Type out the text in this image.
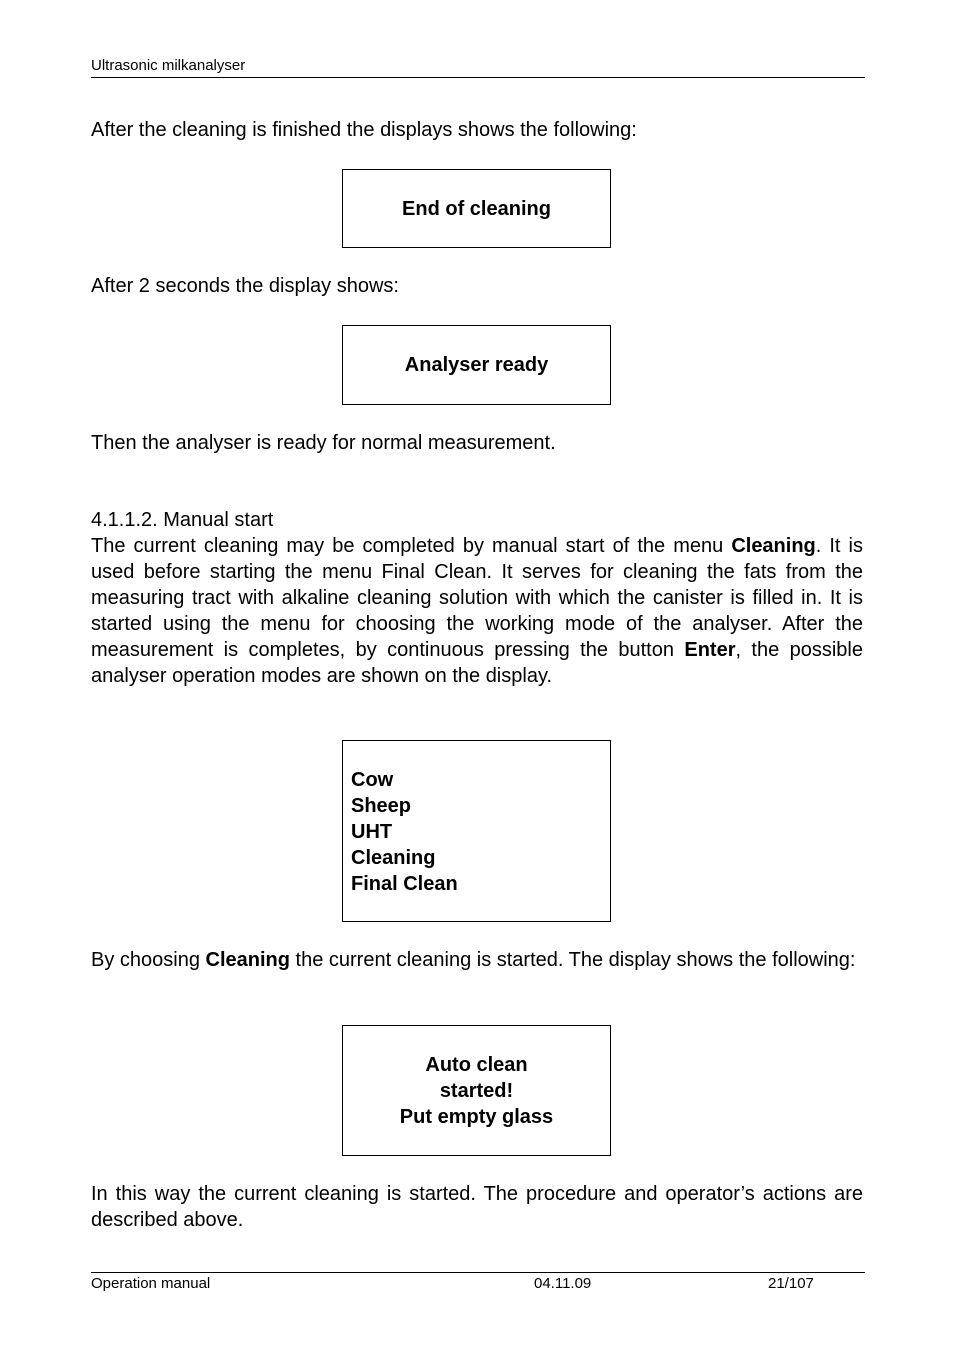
Ultrasonic milkanalyser

After the cleaning is finished the displays shows the following:

End of cleaning

After 2 seconds the display shows:

Analyser ready

Then the analyser is ready for normal measurement.

4.1.1.2. Manual start

The current cleaning may be completed by manual start of the menu Cleaning. It is used before starting the menu Final Clean. It serves for cleaning the fats from the measuring tract with alkaline cleaning solution with which the canister is filled in. It is started using the menu for choosing the working mode of the analyser. After the measurement is completes, by continuous pressing the button Enter, the possible analyser operation modes are shown on the display.

Cow
Sheep
UHT
Cleaning
Final Clean

By choosing Cleaning the current cleaning is started. The display shows the following:

Auto clean
started!
Put empty glass

In this way the current cleaning is started. The procedure and operator’s actions are described above.

Operation manual	04.11.09	21/107
